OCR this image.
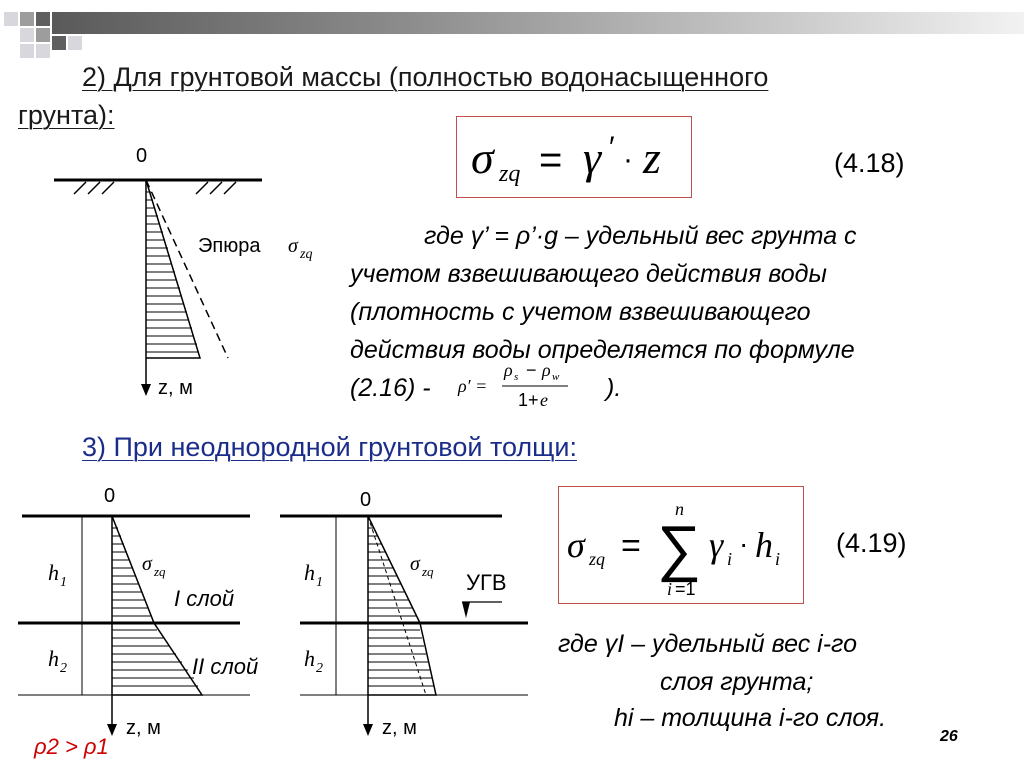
2) Для грунтовой массы (полностью водонасыщенного
грунта):
σ zq = γ ′ · z	(4.18)
0
Эпюра σ zq
z, м
где γ’ = ρ’·g – удельный вес грунта с
учетом взвешивающего действия воды
(плотность с учетом взвешивающего
действия воды определяется по формуле
(2.16) - ρ′ =
ρ s − ρ w
1+ e ).
3) При неоднородной грунтовой толщи:
0
h 1
h 2
σ zq
I слой
II слой
z, м
ρ2 > ρ1
0
h 1
h 2
σ zq УГВ
z, м
σ zq = ∑
n
i =1
γ i · h i
(4.19)
где γI – удельный вес i-го
слоя грунта;
hi – толщина i-го слоя.
26
